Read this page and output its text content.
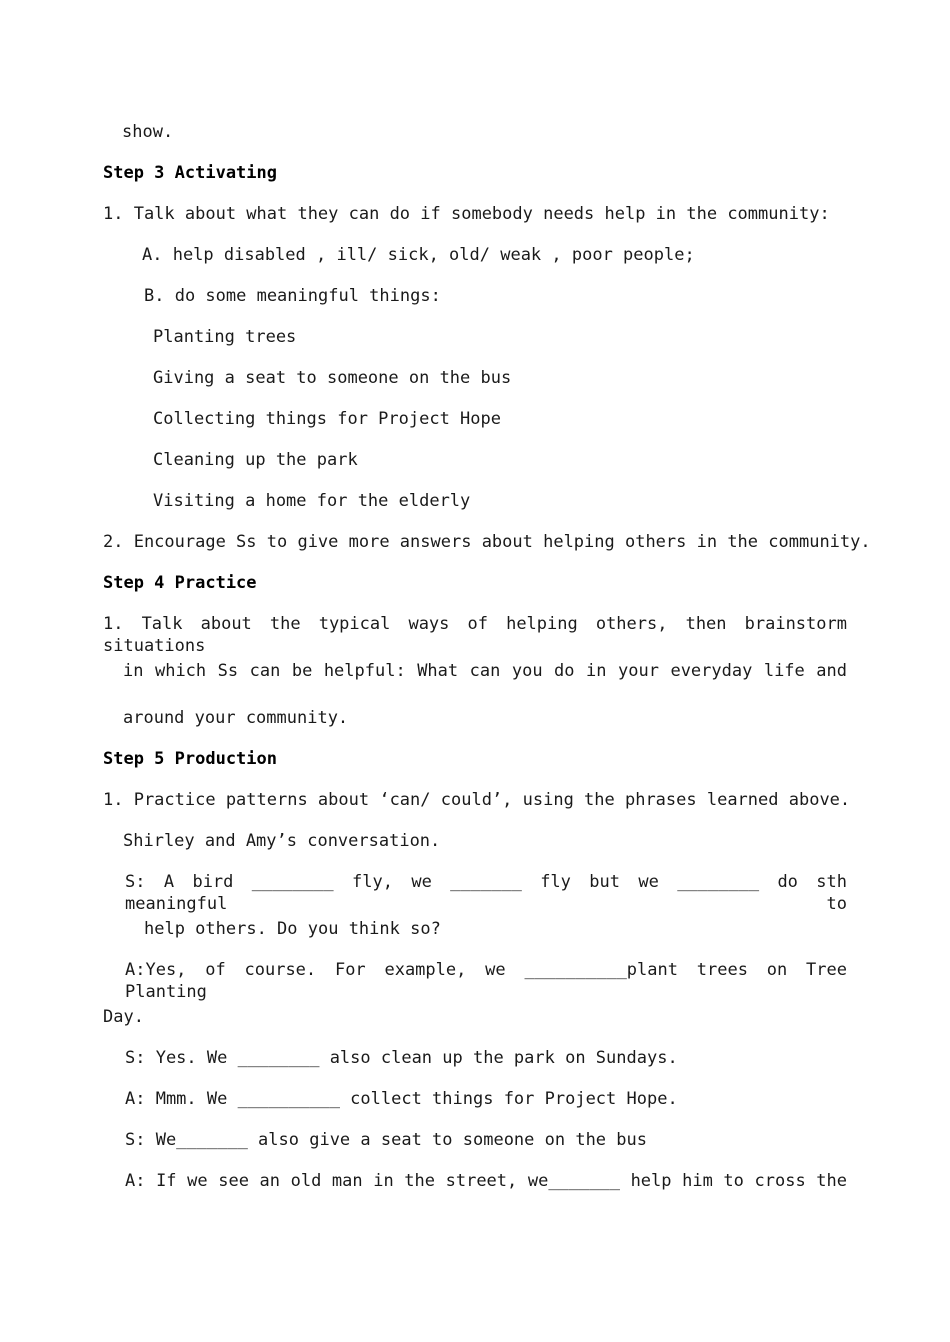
show.

Step 3 Activating

1. Talk about what they can do if somebody needs help in the community:

A. help disabled , ill/ sick, old/ weak , poor people;

B. do some meaningful things:

Planting trees

Giving a seat to someone on the bus

Collecting things for Project Hope

Cleaning up the park

Visiting a home for the elderly

2. Encourage Ss to give more answers about helping others in the community.

Step 4 Practice

1. Talk about the typical ways of helping others, then brainstorm situations

in which Ss can be helpful: What can you do in your everyday life and

around your community.

Step 5 Production

1. Practice patterns about ‘can/ could’, using the phrases learned above.

Shirley and Amy’s conversation.

S: A bird ________ fly, we _______ fly but we ________ do sth meaningful to

help others. Do you think so?

A:Yes, of course. For example, we __________plant trees on Tree Planting

Day.

S: Yes. We ________ also clean up the park on Sundays.

A: Mmm. We __________ collect things for Project Hope.

S: We_______ also give a seat to someone on the bus

A: If we see an old man in the street, we_______ help him to cross the
